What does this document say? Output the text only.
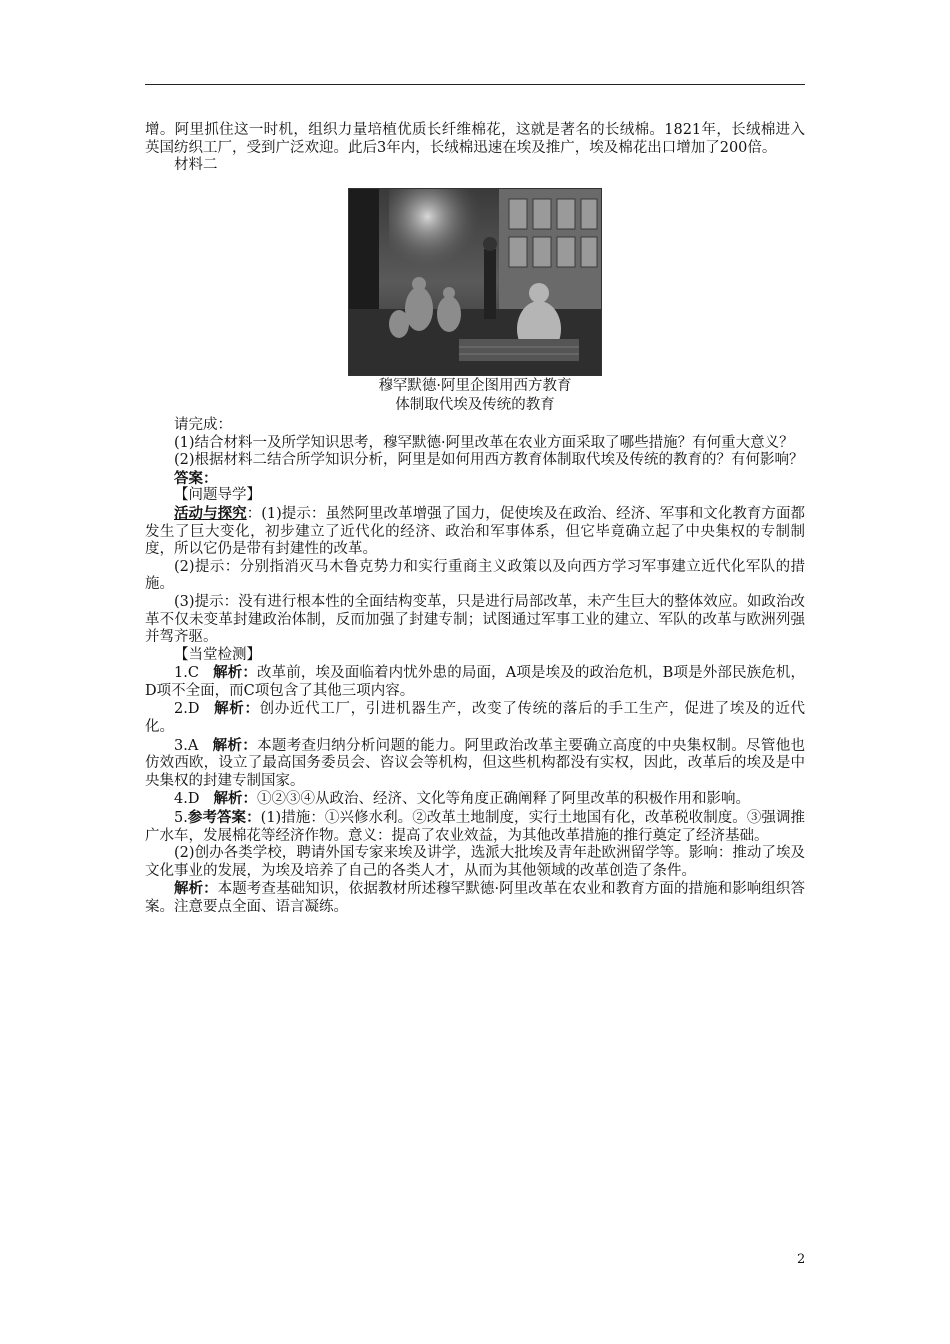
增。阿里抓住这一时机，组织力量培植优质长纤维棉花，这就是著名的长绒棉。1821年，长绒棉进入英国纺织工厂，受到广泛欢迎。此后3年内，长绒棉迅速在埃及推广，埃及棉花出口增加了200倍。

材料二

穆罕默德·阿里企图用西方教育

体制取代埃及传统的教育

请完成：

(1)结合材料一及所学知识思考，穆罕默德·阿里改革在农业方面采取了哪些措施？有何重大意义？

(2)根据材料二结合所学知识分析，阿里是如何用西方教育体制取代埃及传统的教育的？有何影响？

答案：

【问题导学】

活动与探究：(1)提示：虽然阿里改革增强了国力，促使埃及在政治、经济、军事和文化教育方面都发生了巨大变化，初步建立了近代化的经济、政治和军事体系，但它毕竟确立起了中央集权的专制制度，所以它仍是带有封建性的改革。

(2)提示：分别指消灭马木鲁克势力和实行重商主义政策以及向西方学习军事建立近代化军队的措施。

(3)提示：没有进行根本性的全面结构变革，只是进行局部改革，未产生巨大的整体效应。如政治改革不仅未变革封建政治体制，反而加强了封建专制；试图通过军事工业的建立、军队的改革与欧洲列强并驾齐驱。

【当堂检测】

1.C 解析：改革前，埃及面临着内忧外患的局面，A项是埃及的政治危机，B项是外部民族危机，D项不全面，而C项包含了其他三项内容。

2.D 解析：创办近代工厂，引进机器生产，改变了传统的落后的手工生产，促进了埃及的近代化。

3.A 解析：本题考查归纳分析问题的能力。阿里政治改革主要确立高度的中央集权制。尽管他也仿效西欧，设立了最高国务委员会、咨议会等机构，但这些机构都没有实权，因此，改革后的埃及是中央集权的封建专制国家。

4.D 解析：①②③④从政治、经济、文化等角度正确阐释了阿里改革的积极作用和影响。

5.参考答案：(1)措施：①兴修水利。②改革土地制度，实行土地国有化，改革税收制度。③强调推广水车，发展棉花等经济作物。意义：提高了农业效益，为其他改革措施的推行奠定了经济基础。

(2)创办各类学校，聘请外国专家来埃及讲学，选派大批埃及青年赴欧洲留学等。影响：推动了埃及文化事业的发展，为埃及培养了自己的各类人才，从而为其他领域的改革创造了条件。

解析：本题考查基础知识，依据教材所述穆罕默德·阿里改革在农业和教育方面的措施和影响组织答案。注意要点全面、语言凝练。

2
